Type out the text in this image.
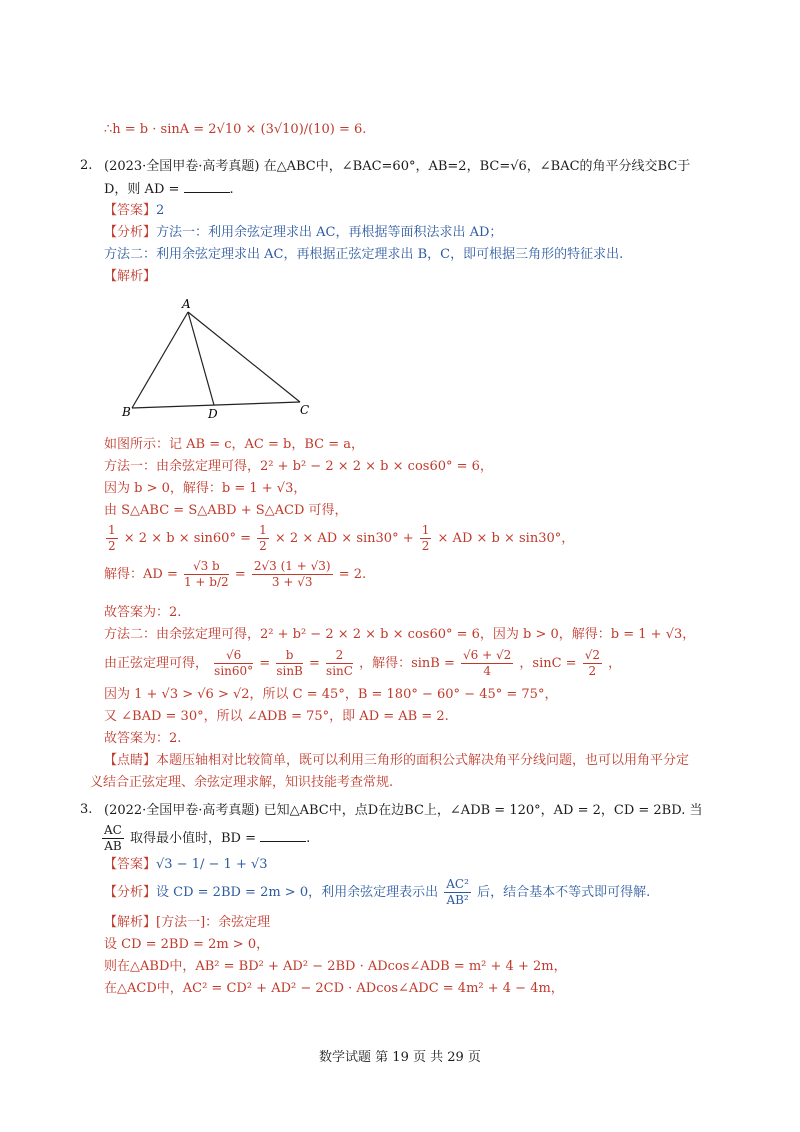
∴h = b · sinA = 2√10 × (3√10)/(10) = 6.
2. (2023·全国甲卷·高考真题) 在△ABC中，∠BAC=60°，AB=2，BC=√6，∠BAC的角平分线交BC于
D，则 AD =	.
【答案】2
【分析】方法一：利用余弦定理求出 AC，再根据等面积法求出 AD；
方法二：利用余弦定理求出 AC，再根据正弦定理求出 B，C，即可根据三角形的特征求出.
【解析】
A
B	D	C
如图所示：记 AB = c，AC = b，BC = a，
方法一：由余弦定理可得，2² + b² − 2 × 2 × b × cos60° = 6，
因为 b > 0，解得：b = 1 + √3，
由 S△ABC = S△ABD + S△ACD 可得，
$\frac{1}{2} \times 2 \times b \times \sin 60^\circ = \frac{1}{2} \times 2$ × AD × $\sin 30^\circ + \frac{1}{2}$ × AD × b × sin30°，
解得：AD = $\frac{√3 b}{1 + b/2} = \frac{2√3 (1 + √3)}{3 + √3} = 2$.
故答案为：2.
方法二：由余弦定理可得，2² + b² − 2 × 2 × b × cos60° = 6，因为 b > 0，解得：b = 1 + √3，
由正弦定理可得， $\frac{√6}{\sin 60^\circ} = \frac{b}{\sin B} = \frac{2}{\sin C}$ ，解得：$\sin B = \frac{√6 + √2}{4}$ ，$\sin C = \frac{√2}{2}$ ，
因为 1 + √3 > √6 > √2，所以 C = 45°，B = 180° − 60° − 45° = 75°，
又 ∠BAD = 30°，所以 ∠ADB = 75°，即 AD = AB = 2.
故答案为：2.
【点睛】本题压轴相对比较简单，既可以利用三角形的面积公式解决角平分线问题，也可以用角平分定
义结合正弦定理、余弦定理求解，知识技能考查常规.
3. (2022·全国甲卷·高考真题) 已知△ABC中，点D在边BC上，∠ADB = 120°，AD = 2，CD = 2BD. 当
$\frac{AC}{AB}$ 取得最小值时，BD =	.
【答案】√3 − 1/ − 1 + √3
【分析】设 CD = 2BD = 2m > 0，利用余弦定理表示出 $\frac{\text{AC²}}{\text{AB²}}$ 后，结合基本不等式即可得解.
【解析】[方法一]：余弦定理
设 CD = 2BD = 2m > 0，
则在△ABD中，AB² = BD² + AD² − 2BD · ADcos∠ADB = m² + 4 + 2m，
在△ACD中，AC² = CD² + AD² − 2CD · ADcos∠ADC = 4m² + 4 − 4m，
数学试题 第 19 页 共 29 页
